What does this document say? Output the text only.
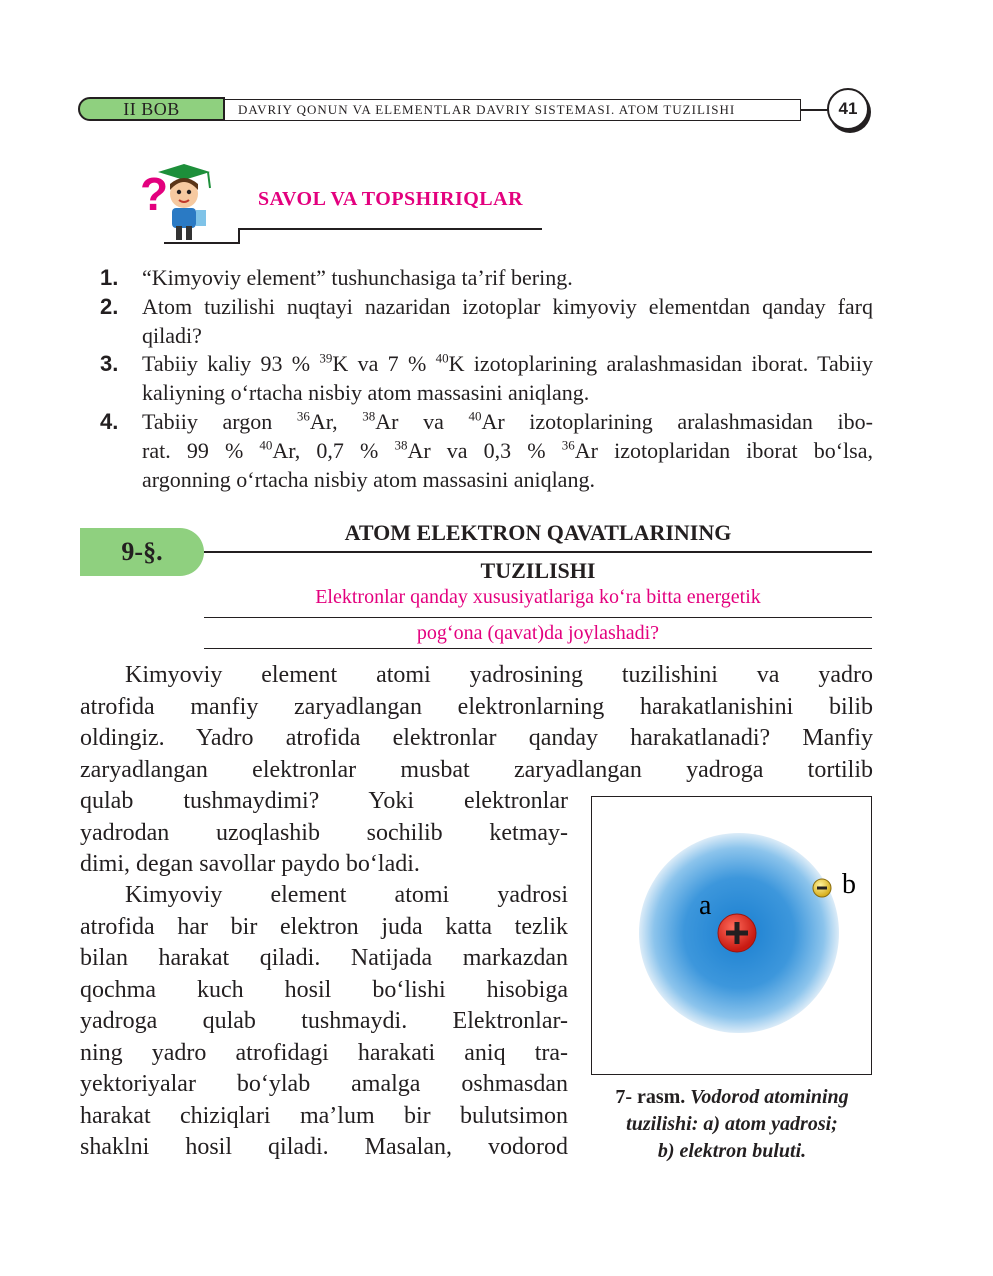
II BOB	DAVRIY QONUN VA ELEMENTLAR DAVRIY SISTEMASI. ATOM TUZILISHI	41
?	SAVOL VA TOPSHIRIQLAR
1. “Kimyoviy element” tushunchasiga ta’rif bering.
2. Atom tuzilishi nuqtayi nazaridan izotoplar kimyoviy elementdan qanday farq qiladi?
3. Tabiiy kaliy 93 % $^{39}$K va 7 % $^{40}$K izotoplarining aralashmasidan iborat. Tabiiy kaliyning o‘rtacha nisbiy atom massasini aniqlang.
4. Tabiiy argon $^{36}$Ar, $^{38}$Ar va $^{40}$Ar izotoplarining aralashmasidan ibo-
rat. 99 % $^{40}$Ar, 0,7 % $^{38}$Ar va 0,3 % $^{36}$Ar izotoplaridan iborat bo‘lsa,
argonning o‘rtacha nisbiy atom massasini aniqlang.
9-§.
ATOM ELEKTRON QAVATLARINING
TUZILISHI
Elektronlar qanday xususiyatlariga ko‘ra bitta energetik
pog‘ona (qavat)da joylashadi?
Kimyoviy element atomi yadrosining tuzilishini va yadro
atrofida manfiy zaryadlangan elektronlarning harakatlanishini bilib
oldingiz. Yadro atrofida elektronlar qanday harakatlanadi? Manfiy
zaryadlangan elektronlar musbat zaryadlangan yadroga tortilib
qulab tushmaydimi? Yoki elektronlar
yadrodan uzoqlashib sochilib ketmay-
dimi, degan savollar paydo bo‘ladi.
Kimyoviy element atomi yadrosi
atrofida har bir elektron juda katta tezlik
bilan harakat qiladi. Natijada markazdan
qochma kuch hosil bo‘lishi hisobiga
yadroga qulab tushmaydi. Elektronlar-
ning yadro atrofidagi harakati aniq tra-
yektoriyalar bo‘ylab amalga oshmasdan
harakat chiziqlari ma’lum bir bulutsimon
shaklni hosil qiladi. Masalan, vodorod
a
b
7- rasm. Vodorod atomining
tuzilishi: a) atom yadrosi;
b) elektron buluti.
